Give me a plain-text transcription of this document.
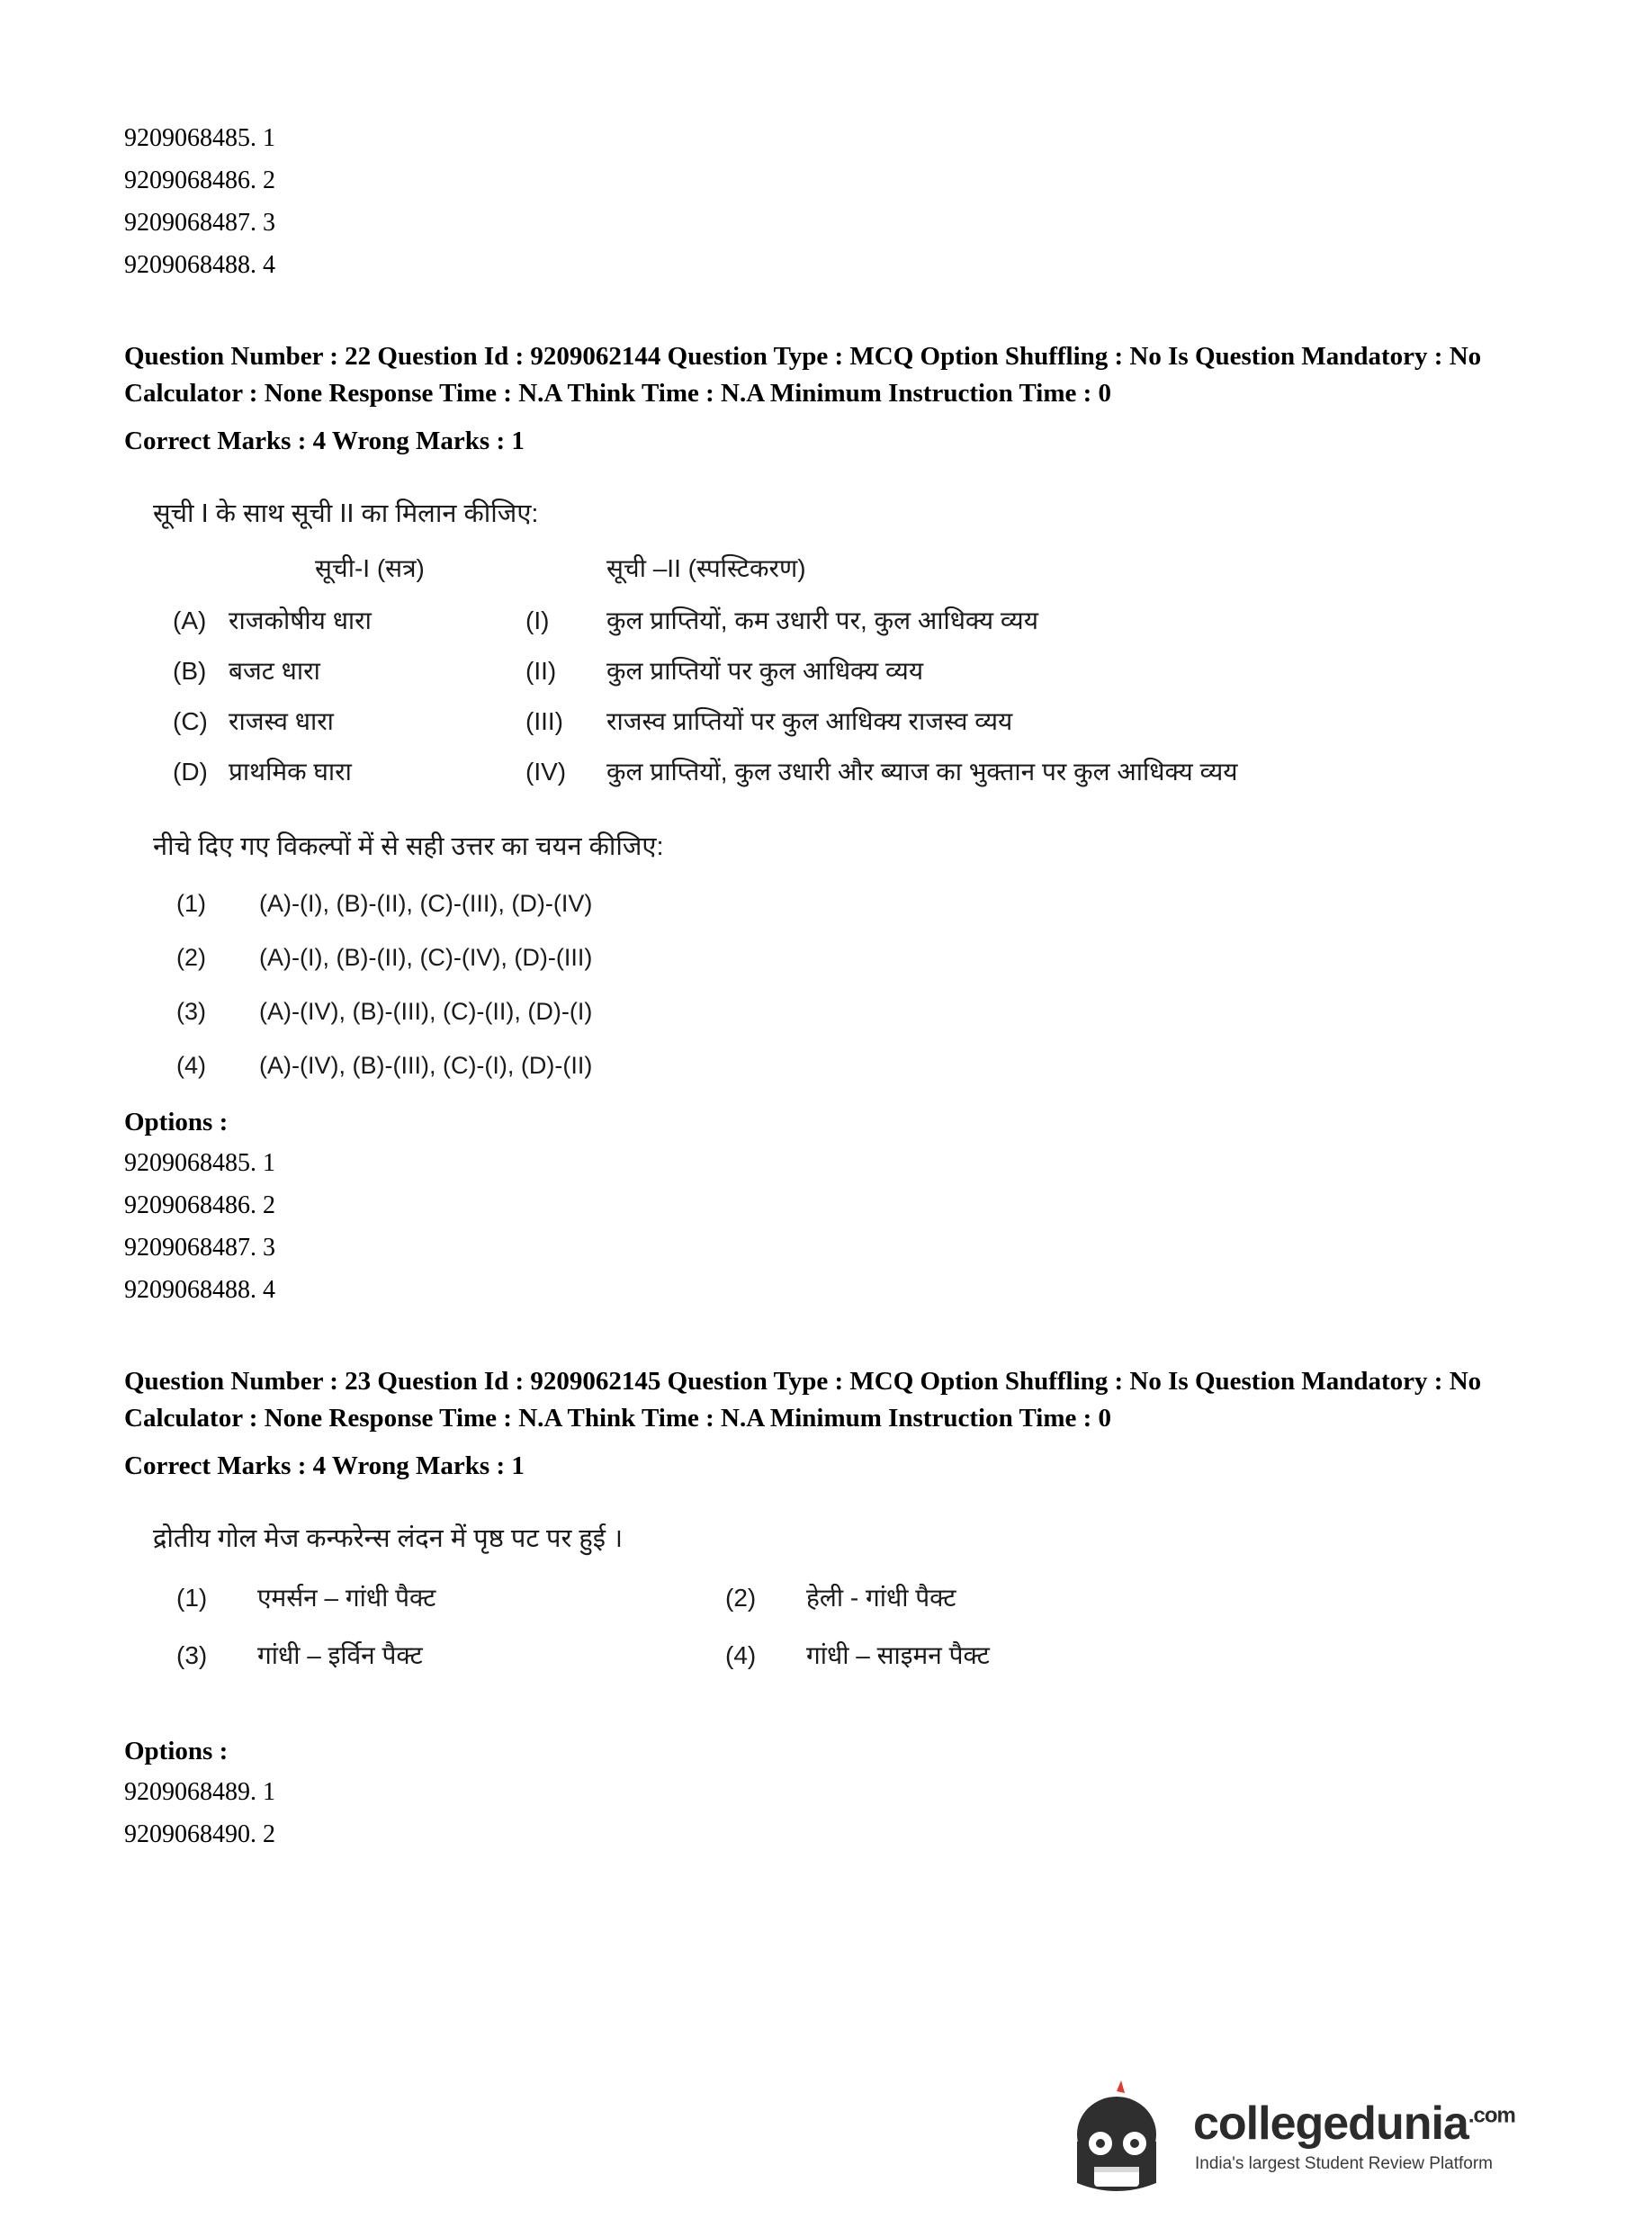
9209068485. 1
9209068486. 2
9209068487. 3
9209068488. 4
Question Number : 22 Question Id : 9209062144 Question Type : MCQ Option Shuffling : No Is Question Mandatory : No Calculator : None Response Time : N.A Think Time : N.A Minimum Instruction Time : 0
Correct Marks : 4 Wrong Marks : 1
सूची I के साथ सूची II का मिलान कीजिए:
	सूची-I (सत्र)		सूची –II (स्पस्टिकरण)
(A)	राजकोषीय धारा	(I)	कुल प्राप्तियों, कम उधारी पर, कुल आधिक्य व्यय
(B)	बजट धारा	(II)	कुल प्राप्तियों पर कुल आधिक्य व्यय
(C)	राजस्व धारा	(III)	राजस्व प्राप्तियों पर कुल आधिक्य राजस्व व्यय
(D)	प्राथमिक घारा	(IV)	कुल प्राप्तियों, कुल उधारी और ब्याज का भुक्तान पर कुल आधिक्य व्यय
नीचे दिए गए विकल्पों में से सही उत्तर का चयन कीजिए:
(1)	(A)-(I), (B)-(II), (C)-(III), (D)-(IV)
(2)	(A)-(I), (B)-(II), (C)-(IV), (D)-(III)
(3)	(A)-(IV), (B)-(III), (C)-(II), (D)-(I)
(4)	(A)-(IV), (B)-(III), (C)-(I), (D)-(II)
Options :
9209068485. 1
9209068486. 2
9209068487. 3
9209068488. 4
Question Number : 23 Question Id : 9209062145 Question Type : MCQ Option Shuffling : No Is Question Mandatory : No Calculator : None Response Time : N.A Think Time : N.A Minimum Instruction Time : 0
Correct Marks : 4 Wrong Marks : 1
द्रोतीय गोल मेज कन्फरेन्स लंदन में पृष्ठ पट पर हुई ।
(1)	एमर्सन – गांधी पैक्ट	(2)	हेली - गांधी पैक्ट
(3)	गांधी – इर्विन पैक्ट	(4)	गांधी – साइमन पैक्ट
Options :
9209068489. 1
9209068490. 2
collegedunia$^{.com}$
India's largest Student Review Platform
